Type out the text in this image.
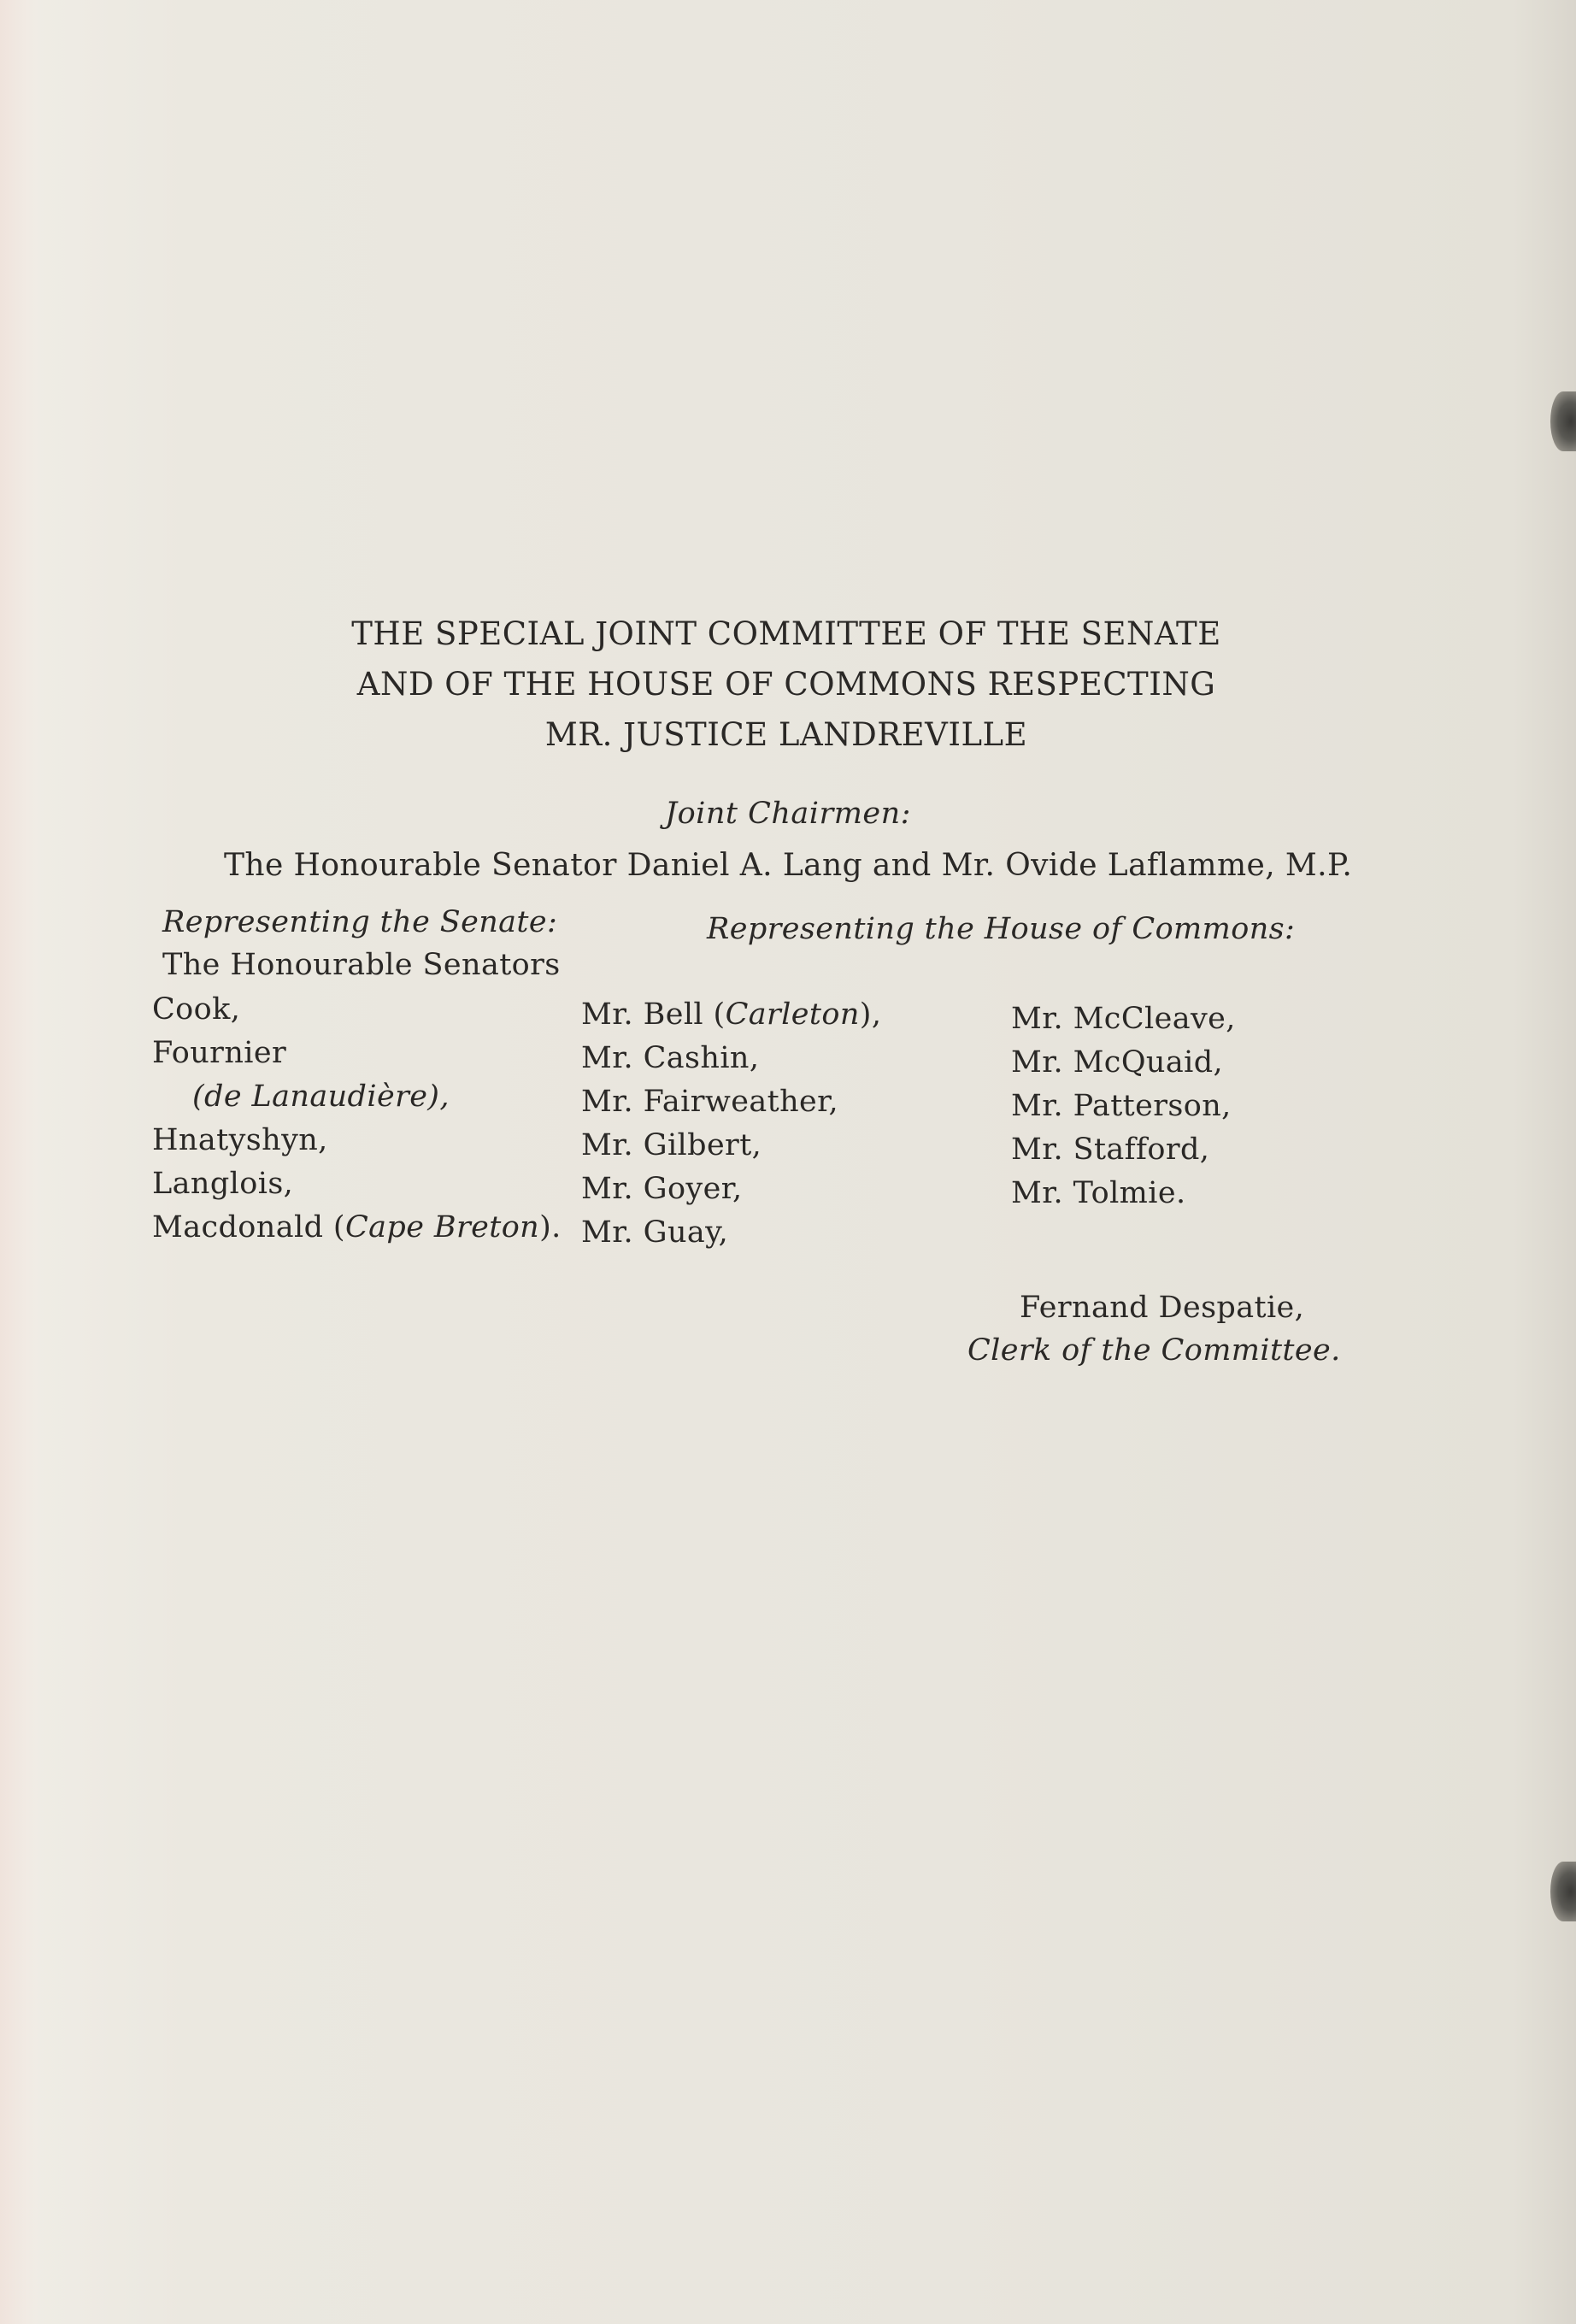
THE SPECIAL JOINT COMMITTEE OF THE SENATE
AND OF THE HOUSE OF COMMONS RESPECTING
MR. JUSTICE LANDREVILLE
Joint Chairmen:
The Honourable Senator Daniel A. Lang and Mr. Ovide Laflamme, M.P.
Representing the Senate:	Representing the House of Commons:
The Honourable Senators
Cook,
Fournier
(de Lanaudière),
Hnatyshyn,
Langlois,
Macdonald (Cape Breton).
Mr. Bell (Carleton),
Mr. Cashin,
Mr. Fairweather,
Mr. Gilbert,
Mr. Goyer,
Mr. Guay,
Mr. McCleave,
Mr. McQuaid,
Mr. Patterson,
Mr. Stafford,
Mr. Tolmie.
Fernand Despatie,
Clerk of the Committee.
